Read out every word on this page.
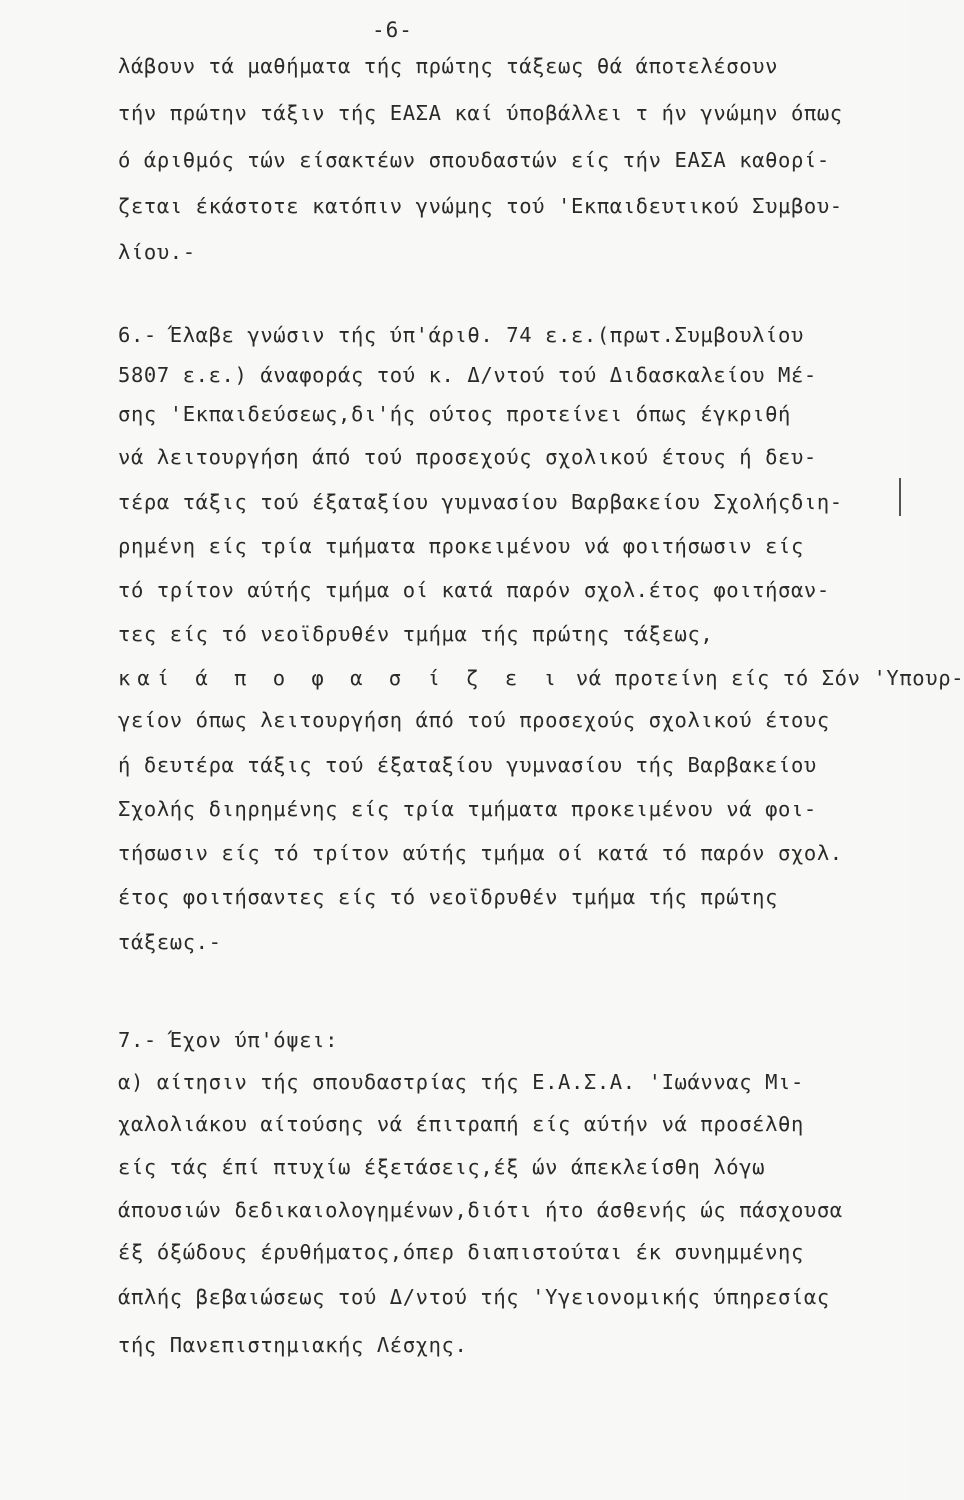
-6-
λάβουν τά μαθήματα τής πρώτης τάξεως θά άποτελέσουν
τήν πρώτην τάξιν τής ΕΑΣΑ καί ύποβάλλει τ ήν γνώμην όπως
ό άριθμός τών είσακτέων σπουδαστών είς τήν ΕΑΣΑ καθορί-
ζεται έκάστοτε κατόπιν γνώμης τού 'Εκπαιδευτικού Συμβου-
λίου.-
6.- Έλαβε γνώσιν τής ύπ'άριθ. 74 ε.ε.(πρωτ.Συμβουλίου
5807 ε.ε.) άναφοράς τού κ. Δ/ντού τού Διδασκαλείου Μέ-
σης 'Εκπαιδεύσεως,δι'ής ούτος προτείνει όπως έγκριθή
νά λειτουργήση άπό τού προσεχούς σχολικού έτους ή δευ-
τέρα τάξις τού έξαταξίου γυμνασίου Βαρβακείου Σχολήςδιη-
ρημένη είς τρία τμήματα προκειμένου νά φοιτήσωσιν είς
τό τρίτον αύτής τμήμα οί κατά παρόν σχολ.έτος φοιτήσαν-
τες είς τό νεοϊδρυθέν τμήμα τής πρώτης τάξεως,
καί ά π ο φ α σ ί ζ ε ι νά προτείνη είς τό Σόν 'Υπουρ-
γείον όπως λειτουργήση άπό τού προσεχούς σχολικού έτους
ή δευτέρα τάξις τού έξαταξίου γυμνασίου τής Βαρβακείου
Σχολής διηρημένης είς τρία τμήματα προκειμένου νά φοι-
τήσωσιν είς τό τρίτον αύτής τμήμα οί κατά τό παρόν σχολ.
έτος φοιτήσαντες είς τό νεοϊδρυθέν τμήμα τής πρώτης
τάξεως.-
7.- Έχον ύπ'όψει:
α) αίτησιν τής σπουδαστρίας τής Ε.Α.Σ.Α. 'Ιωάννας Μι-
χαλολιάκου αίτούσης νά έπιτραπή είς αύτήν νά προσέλθη
είς τάς έπί πτυχίω έξετάσεις,έξ ών άπεκλείσθη λόγω
άπουσιών δεδικαιολογημένων,διότι ήτο άσθενής ώς πάσχουσα
έξ όξώδους έρυθήματος,όπερ διαπιστούται έκ συνημμένης
άπλής βεβαιώσεως τού Δ/ντού τής 'Υγειονομικής ύπηρεσίας
τής Πανεπιστημιακής Λέσχης.
